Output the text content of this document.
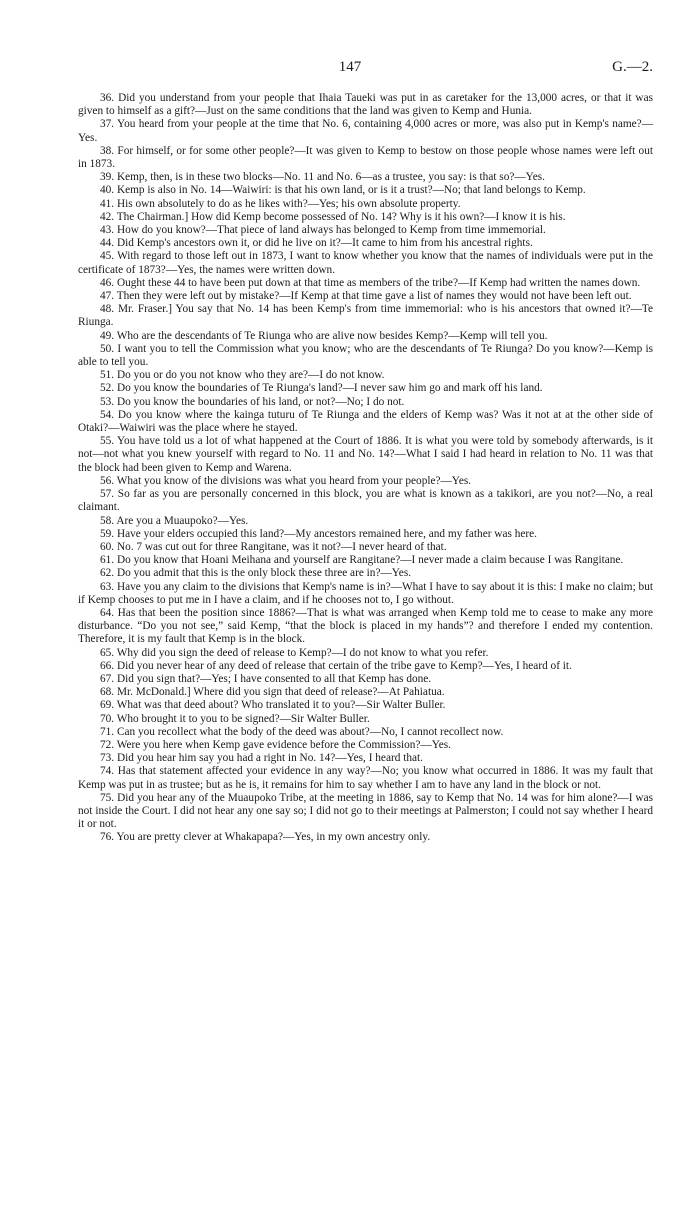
147	G.—2.

36. Did you understand from your people that Ihaia Taueki was put in as caretaker for the 13,000 acres, or that it was given to himself as a gift?—Just on the same conditions that the land was given to Kemp and Hunia.

37. You heard from your people at the time that No. 6, containing 4,000 acres or more, was also put in Kemp's name?—Yes.

38. For himself, or for some other people?—It was given to Kemp to bestow on those people whose names were left out in 1873.

39. Kemp, then, is in these two blocks—No. 11 and No. 6—as a trustee, you say: is that so?—Yes.

40. Kemp is also in No. 14—Waiwiri: is that his own land, or is it a trust?—No; that land belongs to Kemp.

41. His own absolutely to do as he likes with?—Yes; his own absolute property.

42. The Chairman.] How did Kemp become possessed of No. 14? Why is it his own?—I know it is his.

43. How do you know?—That piece of land always has belonged to Kemp from time immemorial.

44. Did Kemp's ancestors own it, or did he live on it?—It came to him from his ancestral rights.

45. With regard to those left out in 1873, I want to know whether you know that the names of individuals were put in the certificate of 1873?—Yes, the names were written down.

46. Ought these 44 to have been put down at that time as members of the tribe?—If Kemp had written the names down.

47. Then they were left out by mistake?—If Kemp at that time gave a list of names they would not have been left out.

48. Mr. Fraser.] You say that No. 14 has been Kemp's from time immemorial: who is his ancestors that owned it?—Te Riunga.

49. Who are the descendants of Te Riunga who are alive now besides Kemp?—Kemp will tell you.

50. I want you to tell the Commission what you know; who are the descendants of Te Riunga? Do you know?—Kemp is able to tell you.

51. Do you or do you not know who they are?—I do not know.

52. Do you know the boundaries of Te Riunga's land?—I never saw him go and mark off his land.

53. Do you know the boundaries of his land, or not?—No; I do not.

54. Do you know where the kainga tuturu of Te Riunga and the elders of Kemp was? Was it not at at the other side of Otaki?—Waiwiri was the place where he stayed.

55. You have told us a lot of what happened at the Court of 1886. It is what you were told by somebody afterwards, is it not—not what you knew yourself with regard to No. 11 and No. 14?—What I said I had heard in relation to No. 11 was that the block had been given to Kemp and Warena.

56. What you know of the divisions was what you heard from your people?—Yes.

57. So far as you are personally concerned in this block, you are what is known as a takikori, are you not?—No, a real claimant.

58. Are you a Muaupoko?—Yes.

59. Have your elders occupied this land?—My ancestors remained here, and my father was here.

60. No. 7 was cut out for three Rangitane, was it not?—I never heard of that.

61. Do you know that Hoani Meihana and yourself are Rangitane?—I never made a claim because I was Rangitane.

62. Do you admit that this is the only block these three are in?—Yes.

63. Have you any claim to the divisions that Kemp's name is in?—What I have to say about it is this: I make no claim; but if Kemp chooses to put me in I have a claim, and if he chooses not to, I go without.

64. Has that been the position since 1886?—That is what was arranged when Kemp told me to cease to make any more disturbance. “Do you not see,” said Kemp, “that the block is placed in my hands”? and therefore I ended my contention. Therefore, it is my fault that Kemp is in the block.

65. Why did you sign the deed of release to Kemp?—I do not know to what you refer.

66. Did you never hear of any deed of release that certain of the tribe gave to Kemp?—Yes, I heard of it.

67. Did you sign that?—Yes; I have consented to all that Kemp has done.

68. Mr. McDonald.] Where did you sign that deed of release?—At Pahiatua.

69. What was that deed about? Who translated it to you?—Sir Walter Buller.

70. Who brought it to you to be signed?—Sir Walter Buller.

71. Can you recollect what the body of the deed was about?—No, I cannot recollect now.

72. Were you here when Kemp gave evidence before the Commission?—Yes.

73. Did you hear him say you had a right in No. 14?—Yes, I heard that.

74. Has that statement affected your evidence in any way?—No; you know what occurred in 1886. It was my fault that Kemp was put in as trustee; but as he is, it remains for him to say whether I am to have any land in the block or not.

75. Did you hear any of the Muaupoko Tribe, at the meeting in 1886, say to Kemp that No. 14 was for him alone?—I was not inside the Court. I did not hear any one say so; I did not go to their meetings at Palmerston; I could not say whether I heard it or not.

76. You are pretty clever at Whakapapa?—Yes, in my own ancestry only.
